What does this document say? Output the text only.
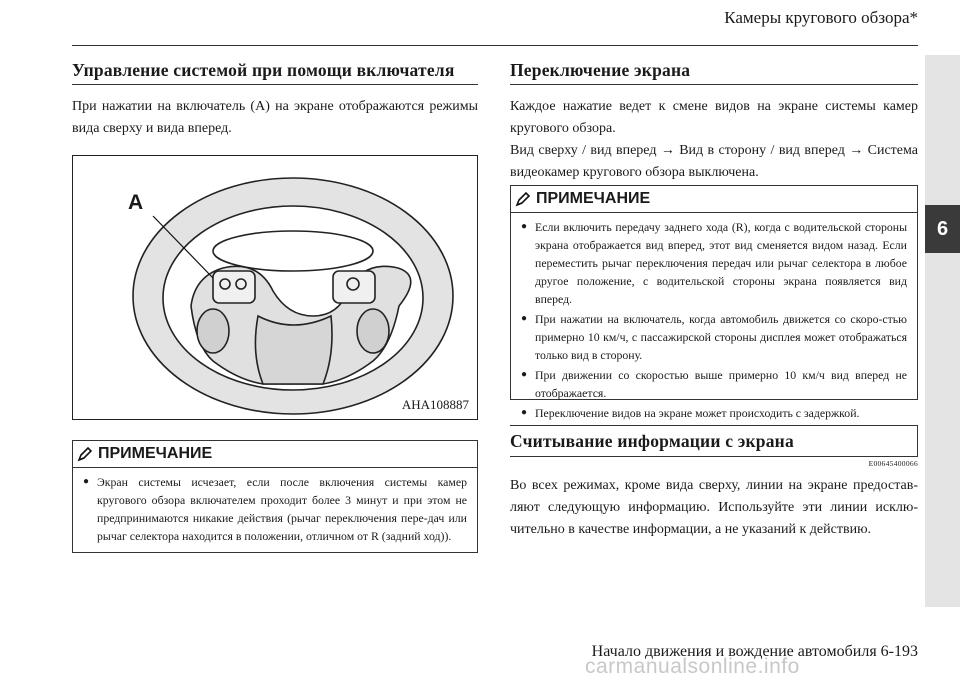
Камеры кругового обзора*
6
Управление системой при помощи включателя
При нажатии на включатель (A) на экране отображаются режимы вида сверху и вида вперед.
A
AHA108887
ПРИМЕЧАНИЕ
● Экран системы исчезает, если после включения системы камер кругового обзора включателем проходит более 3 минут и при этом не предпринимаются никакие действия (рычаг переключения пере-дач или рычаг селектора находится в положении, отличном от R (задний ход)).
Переключение экрана
Каждое нажатие ведет к смене видов на экране системы камер кругового обзора.
Вид сверху / вид вперед → Вид в сторону / вид вперед → Система видеокамер кругового обзора выключена.
ПРИМЕЧАНИЕ
● Если включить передачу заднего хода (R), когда с водительской стороны экрана отображается вид вперед, этот вид сменяется видом назад. Если переместить рычаг переключения передач или рычаг селектора в любое другое положение, с водительской стороны экрана появляется вид вперед.
● При нажатии на включатель, когда автомобиль движется со скоро-стью примерно 10 км/ч, с пассажирской стороны дисплея может отображаться только вид в сторону.
● При движении со скоростью выше примерно 10 км/ч вид вперед не отображается.
● Переключение видов на экране может происходить с задержкой.
Считывание информации с экрана
E00645400066
Во всех режимах, кроме вида сверху, линии на экране предостав-ляют следующую информацию. Используйте эти линии исклю-чительно в качестве информации, а не указаний к действию.
Начало движения и вождение автомобиля 6-193
carmanualsonline.info
